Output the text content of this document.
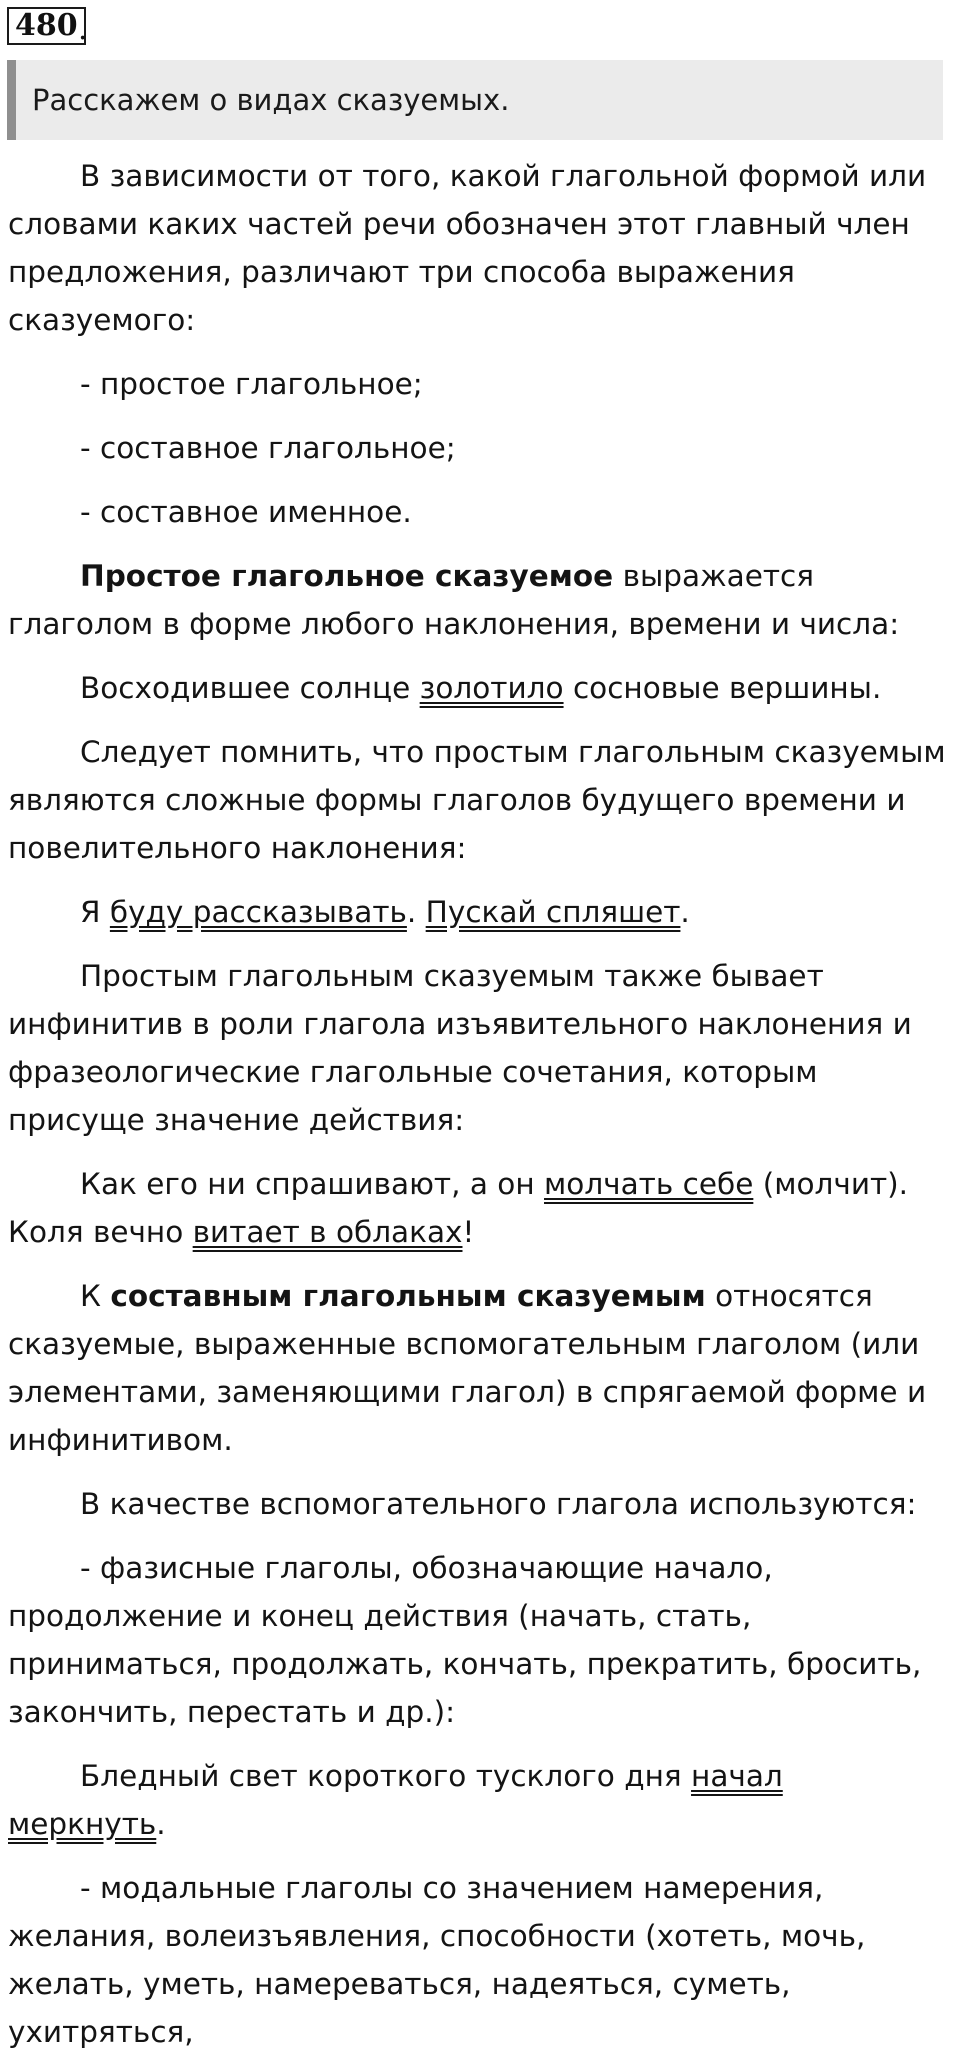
480 .
Расскажем о видах сказуемых.

В зависимости от того, какой глагольной формой или словами каких частей речи обозначен этот главный член предложения, различают три способа выражения сказуемого:

- простое глагольное;

- составное глагольное;

- составное именное.

Простое глагольное сказуемое выражается глаголом в форме любого наклонения, времени и числа:

Восходившее солнце золотило сосновые вершины.

Следует помнить, что простым глагольным сказуемым являются сложные формы глаголов будущего времени и повелительного наклонения:

Я буду рассказывать. Пускай спляшет.

Простым глагольным сказуемым также бывает инфинитив в роли глагола изъявительного наклонения и фразеологические глагольные сочетания, которым присуще значение действия:

Как его ни спрашивают, а он молчать себе (молчит). Коля вечно витает в облаках!

К составным глагольным сказуемым относятся сказуемые, выраженные вспомогательным глаголом (или элементами, заменяющими глагол) в спрягаемой форме и инфинитивом.

В качестве вспомогательного глагола используются:

- фазисные глаголы, обозначающие начало, продолжение и конец действия (начать, стать, приниматься, продолжать, кончать, прекратить, бросить, закончить, перестать и др.):

Бледный свет короткого тусклого дня начал меркнуть.

- модальные глаголы со значением намерения, желания, волеизъявления, способности (хотеть, мочь, желать, уметь, намереваться, надеяться, суметь, ухитряться,
